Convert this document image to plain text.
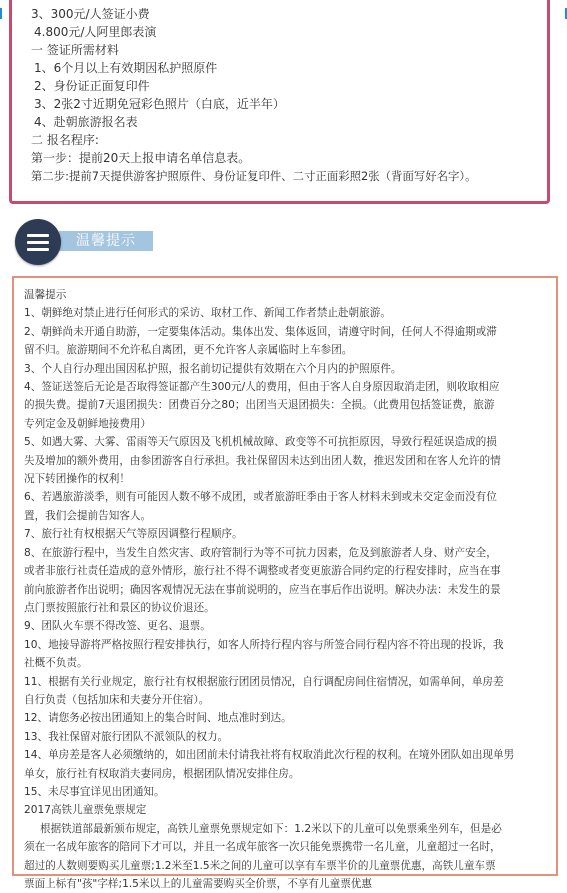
3、300元/人签证小费
4.800元/人阿里郎表演
一 签证所需材料
1、6个月以上有效期因私护照原件
2、身份证正面复印件
3、2张2寸近期免冠彩色照片（白底，近半年）
4、赴朝旅游报名表
二 报名程序:
第一步：提前20天上报申请名单信息表。
第二步:提前7天提供游客护照原件、身份证复印件、二寸正面彩照2张（背面写好名字）。
温馨提示
温馨提示
1、朝鲜绝对禁止进行任何形式的采访、取材工作、新闻工作者禁止赴朝旅游。
2、朝鲜尚未开通自助游，一定要集体活动。集体出发、集体返回，请遵守时间，任何人不得逾期或滞
留不归。旅游期间不允许私自离团，更不允许客人亲属临时上车参团。
3、个人自行办理出国因私护照，报名前切记提供有效期在六个月内的护照原件。
4、签证送签后无论是否取得签证都产生300元/人的费用，但由于客人自身原因取消走团，则收取相应
的损失费。提前7天退团损失：团费百分之80；出团当天退团损失：全损。（此费用包括签证费，旅游
专列定金及朝鲜地接费用）
5、如遇大雾、大雾、雷雨等天气原因及飞机机械故障、政变等不可抗拒原因，导致行程延误造成的损
失及增加的额外费用，由参团游客自行承担。我社保留因未达到出团人数，推迟发团和在客人允许的情
况下转团操作的权利！
6、若遇旅游淡季，则有可能因人数不够不成团，或者旅游旺季由于客人材料未到或未交定金而没有位
置，我们会提前告知客人。
7、旅行社有权根据天气等原因调整行程顺序。
8、在旅游行程中，当发生自然灾害、政府管制行为等不可抗力因素，危及到旅游者人身、财产安全，
或者非旅行社责任造成的意外情形，旅行社不得不调整或者变更旅游合同约定的行程安排时，应当在事
前向旅游者作出说明；确因客观情况无法在事前说明的，应当在事后作出说明。解决办法：未发生的景
点门票按照旅行社和景区的协议价退还。
9、团队火车票不得改签、更名、退票。
10、地接导游将严格按照行程安排执行，如客人所持行程内容与所签合同行程内容不符出现的投诉，我
社概不负责。
11、根据有关行业规定，旅行社有权根据旅行团团员情况，自行调配房间住宿情况，如需单间，单房差
自行负责（包括加床和夫妻分开住宿）。
12、请您务必按出团通知上的集合时间、地点准时到达。
13、我社保留对旅行团队不派领队的权力。
14、单房差是客人必须缴纳的，如出团前未付请我社将有权取消此次行程的权利。在境外团队如出现单男
单女，旅行社有权取消夫妻同房，根据团队情况安排住房。
15、未尽事宜详见出团通知。
2017高铁儿童票免票规定
根据铁道部最新颁布规定，高铁儿童票免票规定如下：1.2米以下的儿童可以免票乘坐列车，但是必
须在一名成年旅客的陪同下才可以，并且一名成年旅客一次只能免票携带一名儿童，儿童超过一名时，
超过的人数则要购买儿童票;1.2米至1.5米之间的儿童可以享有车票半价的儿童票优惠，高铁儿童车票
票面上标有"孩"字样;1.5米以上的儿童需要购买全价票，不享有儿童票优惠
